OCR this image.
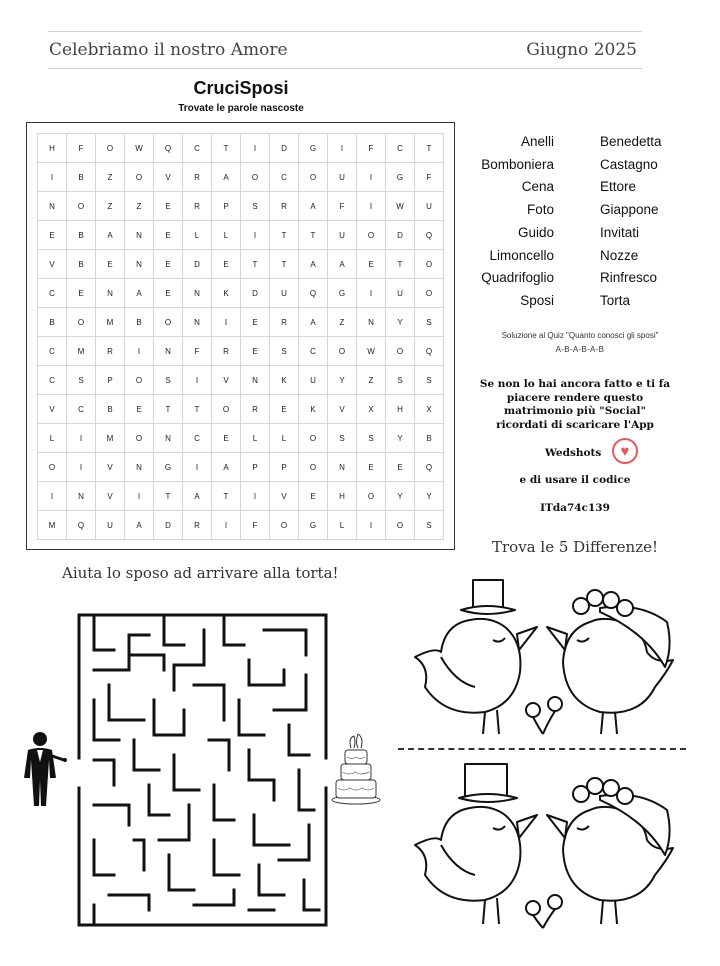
Celebriamo il nostro Amore	Giugno 2025
CruciSposi
Trovate le parole nascoste
H	F	O	W	Q	C	T	I	D	G	I	F	C	T
I	B	Z	O	V	R	A	O	C	O	U	I	G	F
N	O	Z	Z	E	R	P	S	R	A	F	I	W	U
E	B	A	N	E	L	L	I	T	T	U	O	D	Q
V	B	E	N	E	D	E	T	T	A	A	E	T	O
C	E	N	A	E	N	K	D	U	Q	G	I	U	O
B	O	M	B	O	N	I	E	R	A	Z	N	Y	S
C	M	R	I	N	F	R	E	S	C	O	W	O	Q
C	S	P	O	S	I	V	N	K	U	Y	Z	S	S
V	C	B	E	T	T	O	R	E	K	V	X	H	X
L	I	M	O	N	C	E	L	L	O	S	S	Y	B
O	I	V	N	G	I	A	P	P	O	N	E	E	Q
I	N	V	I	T	A	T	I	V	E	H	O	Y	Y
M	Q	U	A	D	R	I	F	O	G	L	I	O	S
Anelli
Bomboniera
Cena
Foto
Guido
Limoncello
Quadrifoglio
Sposi
Benedetta
Castagno
Ettore
Giappone
Invitati
Nozze
Rinfresco
Torta
Soluzione al Quiz "Quanto conosci gli sposi"
A-B-A-B-A-B
Se non lo hai ancora fatto e ti fa
piacere rendere questo
matrimonio più "Social"
ricordati di scaricare l'App
Wedshots	♥
e di usare il codice
ITda74c139
Trova le 5 Differenze!
Aiuta lo sposo ad arrivare alla torta!
